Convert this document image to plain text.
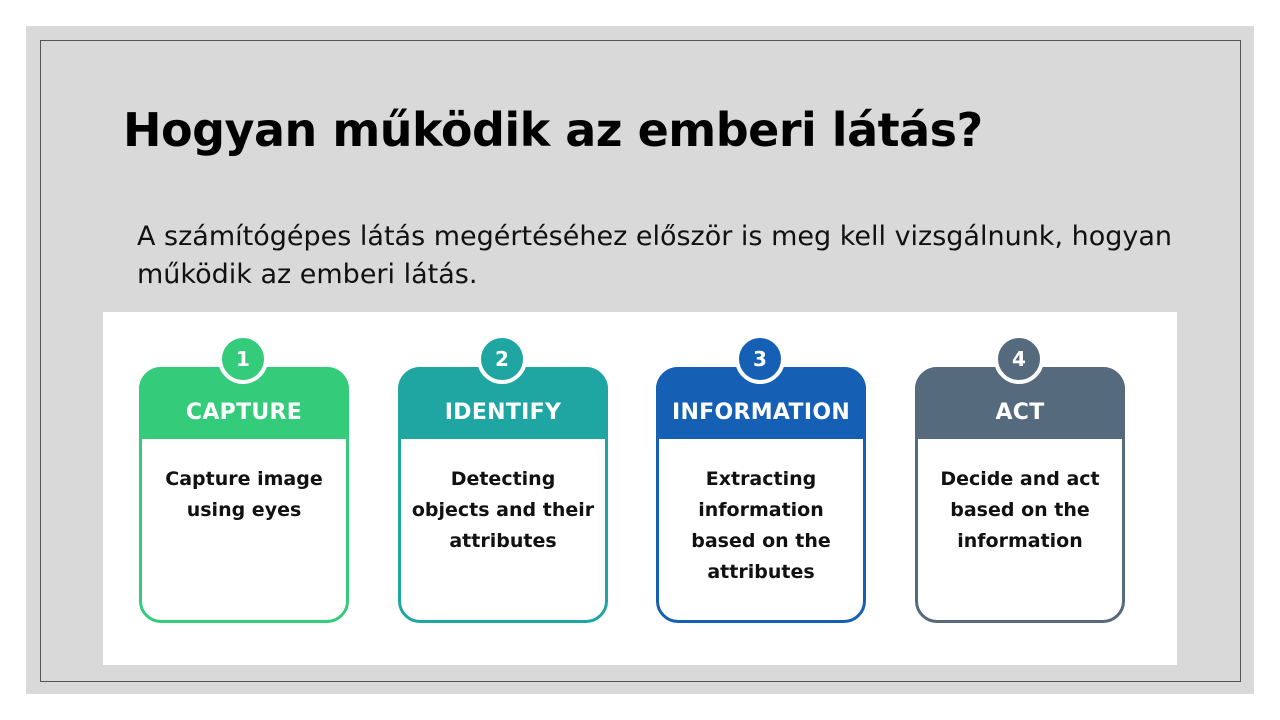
Hogyan működik az emberi látás?
A számítógépes látás megértéséhez először is meg kell vizsgálnunk, hogyan működik az emberi látás.
CAPTURE
Capture image using eyes
1
IDENTIFY
Detecting objects and their attributes
2
INFORMATION
Extracting information based on the attributes
3
ACT
Decide and act based on the information
4
